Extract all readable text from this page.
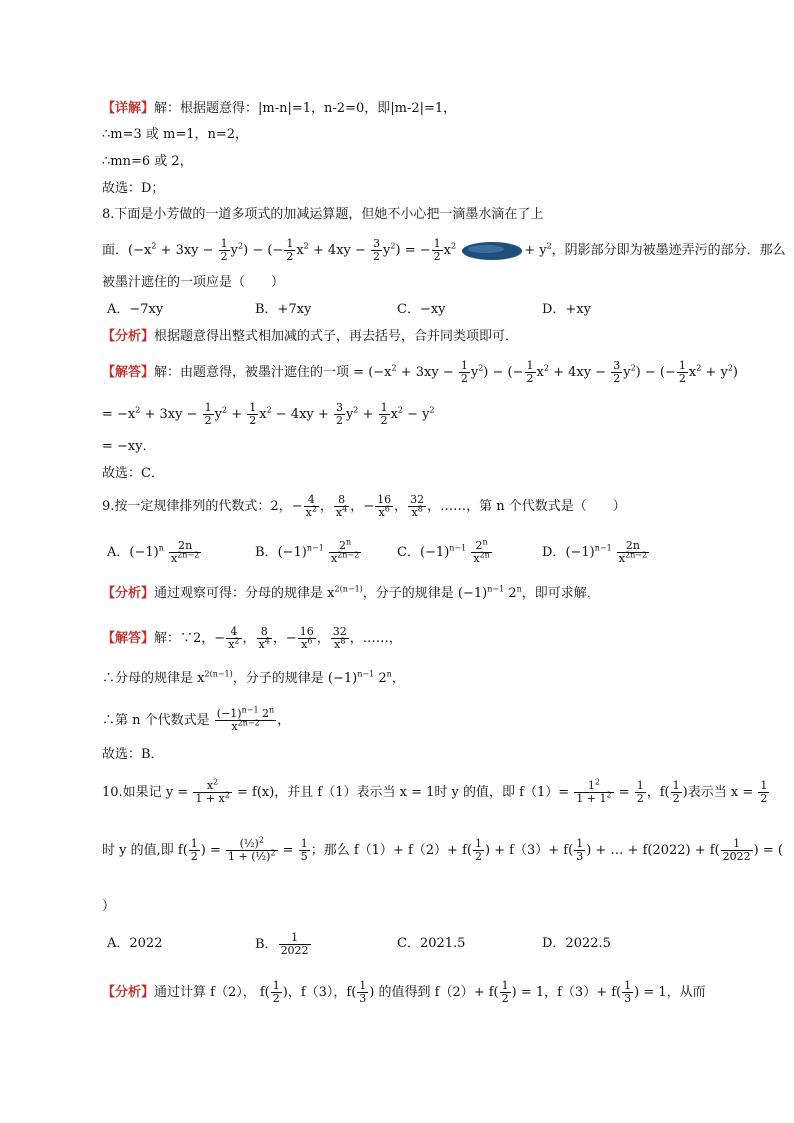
【详解】解：根据题意得：|m-n|=1，n-2=0，即|m-2|=1，
∴m=3 或 m=1，n=2，
∴mn=6 或 2，
故选：D；
8.下面是小芳做的一道多项式的加减运算题，但她不小心把一滴墨水滴在了上
面．$(-x^2 + 3xy - \frac{1}{2} y^2)$ − (− $\frac{1}{2} x^2 + 4xy - \frac{3}{2} y^2$) = − $\frac{1}{2} x^2$	+ $y^2$，阴影部分即为被墨迹弄污的部分．那么
被墨汁遮住的一项应是（　　）
A．−7xy	B．+7xy	C．−xy	D．+xy
【分析】根据题意得出整式相加减的式子，再去括号，合并同类项即可．
【解答】解：由题意得，被墨汁遮住的一项 = $(-x^2 + 3xy - \frac{1}{2} y^2)$ − (− $\frac{1}{2} x^2 + 4xy - \frac{3}{2} y^2$) − (− $\frac{1}{2} x^2 + y^2$)
= $-x^2 + 3xy - \frac{1}{2} y^2 + \frac{1}{2} x^2 - 4xy + \frac{3}{2} y^2 + \frac{1}{2} x^2 - y^2$
= −xy．
故选：C．
9.按一定规律排列的代数式：2，− $\frac{4}{x^2}$ ， $\frac{8}{x^4}$ ，− $\frac{16}{x^6}$ ， $\frac{32}{x^8}$ ，……，第 n 个代数式是（　　）
A．$(-1)^n \frac{2n}{x^{2n-2}}$	B．$(-1)^{n-1} \frac{2^n}{x^{2n-2}}$	C．$(-1)^{n-1} \frac{2^n}{x^{2n}}$	D．$(-1)^{n-1} \frac{2n}{x^{2n-2}}$
【分析】通过观察可得：分母的规律是 $x^{2(n-1)}$，分子的规律是 $(-1)^{n-1}$ 2$^n$，即可求解．
【解答】解：∵2，− $\frac{4}{x^2}$ ， $\frac{8}{x^4}$ ，− $\frac{16}{x^6}$ ， $\frac{32}{x^8}$ ，……，
∴分母的规律是 $x^{2(n-1)}$，分子的规律是 $(-1)^{n-1}$ 2$^n$，
∴第 n 个代数式是 $\frac{(-1)^{n-1} 2^n}{x^{2n-2}}$ ，
故选：B．
10.如果记 $y = \frac{x^2}{1 + x^2} = f(x)$，并且 f（1）表示当 x = 1时 y 的值，即 $f(1)= \frac{1^2}{1 + 1^2} = \frac{1}{2}$ ，$f( \frac{1}{2}$ )表示当 $x = \frac{1}{2}$
时 y 的值,即 $f( \frac{1}{2}$ ) = $\frac{(\frac{1}{2})^2}{1 + (\frac{1}{2})^2} = \frac{1}{5}$ ；那么 $f(1)+ f(2)+ f( \frac{1}{2}$ ) + $f(3)+ f( \frac{1}{3}$ ) + … + $f(2022) + f( \frac{1}{2022}$ ) = (
）
A．2022	B． $\frac{1}{2022}$	C．2021.5	D．2022.5
【分析】通过计算 f（2）， $f( \frac{1}{2}$ )，f（3），$f( \frac{1}{3}$ ) 的值得到 $f(2)+ f( \frac{1}{2}$ ) = 1，$f(3)+ f( \frac{1}{3}$ ) = 1，从而
